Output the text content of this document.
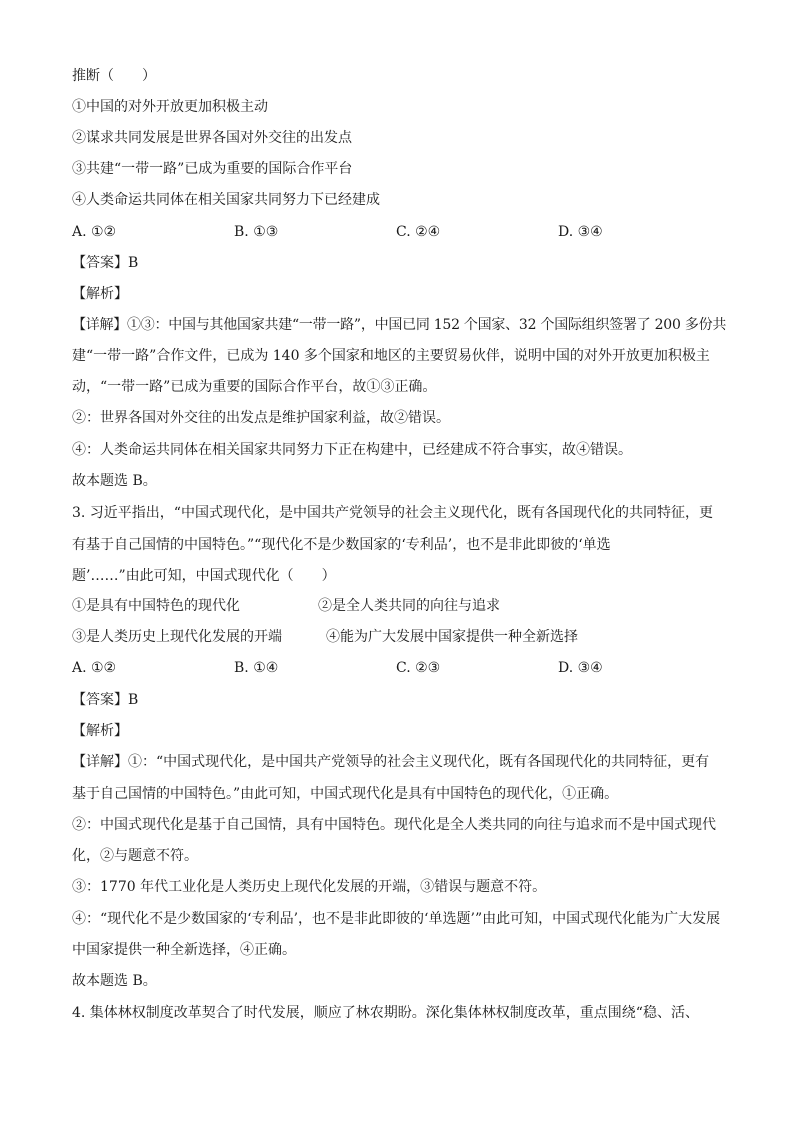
推断（　　）
①中国的对外开放更加积极主动
②谋求共同发展是世界各国对外交往的出发点
③共建“一带一路”已成为重要的国际合作平台
④人类命运共同体在相关国家共同努力下已经建成
A. ①②	B. ①③	C. ②④	D. ③④
【答案】B
【解析】
【详解】①③：中国与其他国家共建“一带一路”，中国已同 152 个国家、32 个国际组织签署了 200 多份共
建“一带一路”合作文件，已成为 140 多个国家和地区的主要贸易伙伴，说明中国的对外开放更加积极主
动，“一带一路”已成为重要的国际合作平台，故①③正确。
②：世界各国对外交往的出发点是维护国家利益，故②错误。
④：人类命运共同体在相关国家共同努力下正在构建中，已经建成不符合事实，故④错误。
故本题选 B。
3. 习近平指出，“中国式现代化，是中国共产党领导的社会主义现代化，既有各国现代化的共同特征，更
有基于自己国情的中国特色。”“现代化不是少数国家的‘专利品’，也不是非此即彼的‘单选
题’……”由此可知，中国式现代化（　　）
①是具有中国特色的现代化	②是全人类共同的向往与追求
③是人类历史上现代化发展的开端	④能为广大发展中国家提供一种全新选择
A. ①②	B. ①④	C. ②③	D. ③④
【答案】B
【解析】
【详解】①：“中国式现代化，是中国共产党领导的社会主义现代化，既有各国现代化的共同特征，更有
基于自己国情的中国特色。”由此可知，中国式现代化是具有中国特色的现代化，①正确。
②：中国式现代化是基于自己国情，具有中国特色。现代化是全人类共同的向往与追求而不是中国式现代
化，②与题意不符。
③：1770 年代工业化是人类历史上现代化发展的开端，③错误与题意不符。
④：“现代化不是少数国家的‘专利品’，也不是非此即彼的‘单选题’”由此可知，中国式现代化能为广大发展
中国家提供一种全新选择，④正确。
故本题选 B。
4. 集体林权制度改革契合了时代发展，顺应了林农期盼。深化集体林权制度改革，重点围绕“稳、活、
